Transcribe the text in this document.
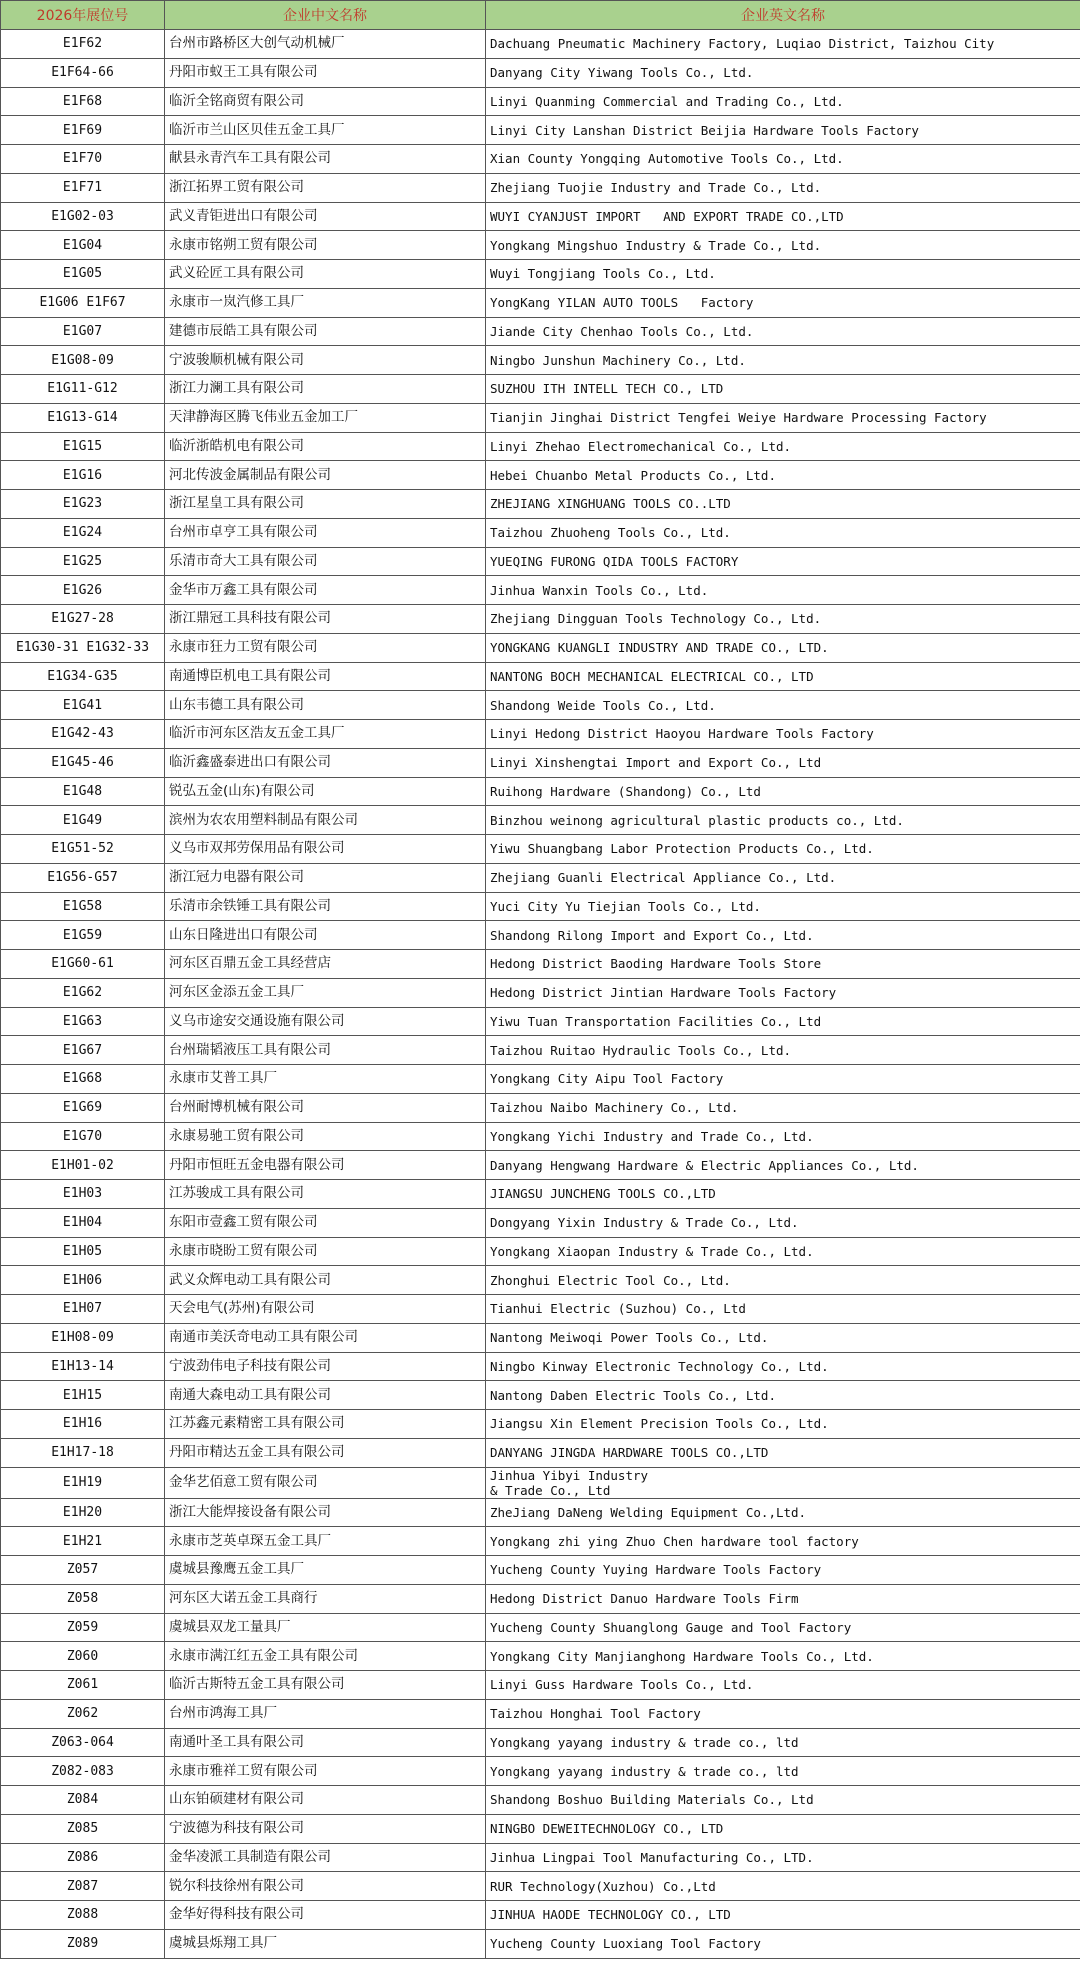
2026年展位号	企业中文名称	企业英文名称
E1F62	台州市路桥区大创气动机械厂	Dachuang Pneumatic Machinery Factory, Luqiao District, Taizhou City
E1F64-66	丹阳市蚁王工具有限公司	Danyang City Yiwang Tools Co., Ltd.
E1F68	临沂全铭商贸有限公司	Linyi Quanming Commercial and Trading Co., Ltd.
E1F69	临沂市兰山区贝佳五金工具厂	Linyi City Lanshan District Beijia Hardware Tools Factory
E1F70	献县永青汽车工具有限公司	Xian County Yongqing Automotive Tools Co., Ltd.
E1F71	浙江拓界工贸有限公司	Zhejiang Tuojie Industry and Trade Co., Ltd.
E1G02-03	武义青钜进出口有限公司	WUYI CYANJUST IMPORT   AND EXPORT TRADE CO.,LTD
E1G04	永康市铭朔工贸有限公司	Yongkang Mingshuo Industry & Trade Co., Ltd.
E1G05	武义砼匠工具有限公司	Wuyi Tongjiang Tools Co., Ltd.
E1G06 E1F67	永康市一岚汽修工具厂	YongKang YILAN AUTO TOOLS   Factory
E1G07	建德市辰皓工具有限公司	Jiande City Chenhao Tools Co., Ltd.
E1G08-09	宁波骏顺机械有限公司	Ningbo Junshun Machinery Co., Ltd.
E1G11-G12	浙江力澜工具有限公司	SUZHOU ITH INTELL TECH CO., LTD
E1G13-G14	天津静海区腾飞伟业五金加工厂	Tianjin Jinghai District Tengfei Weiye Hardware Processing Factory
E1G15	临沂浙皓机电有限公司	Linyi Zhehao Electromechanical Co., Ltd.
E1G16	河北传波金属制品有限公司	Hebei Chuanbo Metal Products Co., Ltd.
E1G23	浙江星皇工具有限公司	ZHEJIANG XINGHUANG TOOLS CO..LTD
E1G24	台州市卓亨工具有限公司	Taizhou Zhuoheng Tools Co., Ltd.
E1G25	乐清市奇大工具有限公司	YUEQING FURONG QIDA TOOLS FACTORY
E1G26	金华市万鑫工具有限公司	Jinhua Wanxin Tools Co., Ltd.
E1G27-28	浙江鼎冠工具科技有限公司	Zhejiang Dingguan Tools Technology Co., Ltd.
E1G30-31 E1G32-33	永康市狂力工贸有限公司	YONGKANG KUANGLI INDUSTRY AND TRADE CO., LTD.
E1G34-G35	南通博臣机电工具有限公司	NANTONG BOCH MECHANICAL ELECTRICAL CO., LTD
E1G41	山东韦德工具有限公司	Shandong Weide Tools Co., Ltd.
E1G42-43	临沂市河东区浩友五金工具厂	Linyi Hedong District Haoyou Hardware Tools Factory
E1G45-46	临沂鑫盛泰进出口有限公司	Linyi Xinshengtai Import and Export Co., Ltd
E1G48	锐弘五金(山东)有限公司	Ruihong Hardware (Shandong) Co., Ltd
E1G49	滨州为农农用塑料制品有限公司	Binzhou weinong agricultural plastic products co., Ltd.
E1G51-52	义乌市双邦劳保用品有限公司	Yiwu Shuangbang Labor Protection Products Co., Ltd.
E1G56-G57	浙江冠力电器有限公司	Zhejiang Guanli Electrical Appliance Co., Ltd.
E1G58	乐清市余铁锤工具有限公司	Yuci City Yu Tiejian Tools Co., Ltd.
E1G59	山东日隆进出口有限公司	Shandong Rilong Import and Export Co., Ltd.
E1G60-61	河东区百鼎五金工具经营店	Hedong District Baoding Hardware Tools Store
E1G62	河东区金添五金工具厂	Hedong District Jintian Hardware Tools Factory
E1G63	义乌市途安交通设施有限公司	Yiwu Tuan Transportation Facilities Co., Ltd
E1G67	台州瑞韬液压工具有限公司	Taizhou Ruitao Hydraulic Tools Co., Ltd.
E1G68	永康市艾普工具厂	Yongkang City Aipu Tool Factory
E1G69	台州耐博机械有限公司	Taizhou Naibo Machinery Co., Ltd.
E1G70	永康易驰工贸有限公司	Yongkang Yichi Industry and Trade Co., Ltd.
E1H01-02	丹阳市恒旺五金电器有限公司	Danyang Hengwang Hardware & Electric Appliances Co., Ltd.
E1H03	江苏骏成工具有限公司	JIANGSU JUNCHENG TOOLS CO.,LTD
E1H04	东阳市壹鑫工贸有限公司	Dongyang Yixin Industry & Trade Co., Ltd.
E1H05	永康市晓盼工贸有限公司	Yongkang Xiaopan Industry & Trade Co., Ltd.
E1H06	武义众辉电动工具有限公司	Zhonghui Electric Tool Co., Ltd.
E1H07	天会电气(苏州)有限公司	Tianhui Electric (Suzhou) Co., Ltd
E1H08-09	南通市美沃奇电动工具有限公司	Nantong Meiwoqi Power Tools Co., Ltd.
E1H13-14	宁波劲伟电子科技有限公司	Ningbo Kinway Electronic Technology Co., Ltd.
E1H15	南通大森电动工具有限公司	Nantong Daben Electric Tools Co., Ltd.
E1H16	江苏鑫元素精密工具有限公司	Jiangsu Xin Element Precision Tools Co., Ltd.
E1H17-18	丹阳市精达五金工具有限公司	DANYANG JINGDA HARDWARE TOOLS CO.,LTD
E1H19	金华艺佰意工贸有限公司	Jinhua Yibyi Industry
& Trade Co., Ltd
E1H20	浙江大能焊接设备有限公司	ZheJiang DaNeng Welding Equipment Co.,Ltd.
E1H21	永康市芝英卓琛五金工具厂	Yongkang zhi ying Zhuo Chen hardware tool factory
Z057	虞城县豫鹰五金工具厂	Yucheng County Yuying Hardware Tools Factory
Z058	河东区大诺五金工具商行	Hedong District Danuo Hardware Tools Firm
Z059	虞城县双龙工量具厂	Yucheng County Shuanglong Gauge and Tool Factory
Z060	永康市满江红五金工具有限公司	Yongkang City Manjianghong Hardware Tools Co., Ltd.
Z061	临沂古斯特五金工具有限公司	Linyi Guss Hardware Tools Co., Ltd.
Z062	台州市鸿海工具厂	Taizhou Honghai Tool Factory
Z063-064	南通叶圣工具有限公司	Yongkang yayang industry & trade co., ltd
Z082-083	永康市雅祥工贸有限公司	Yongkang yayang industry & trade co., ltd
Z084	山东铂硕建材有限公司	Shandong Boshuo Building Materials Co., Ltd
Z085	宁波德为科技有限公司	NINGBO DEWEITECHNOLOGY CO., LTD
Z086	金华凌派工具制造有限公司	Jinhua Lingpai Tool Manufacturing Co., LTD.
Z087	锐尔科技徐州有限公司	RUR Technology(Xuzhou) Co.,Ltd
Z088	金华好得科技有限公司	JINHUA HAODE TECHNOLOGY CO., LTD
Z089	虞城县烁翔工具厂	Yucheng County Luoxiang Tool Factory
